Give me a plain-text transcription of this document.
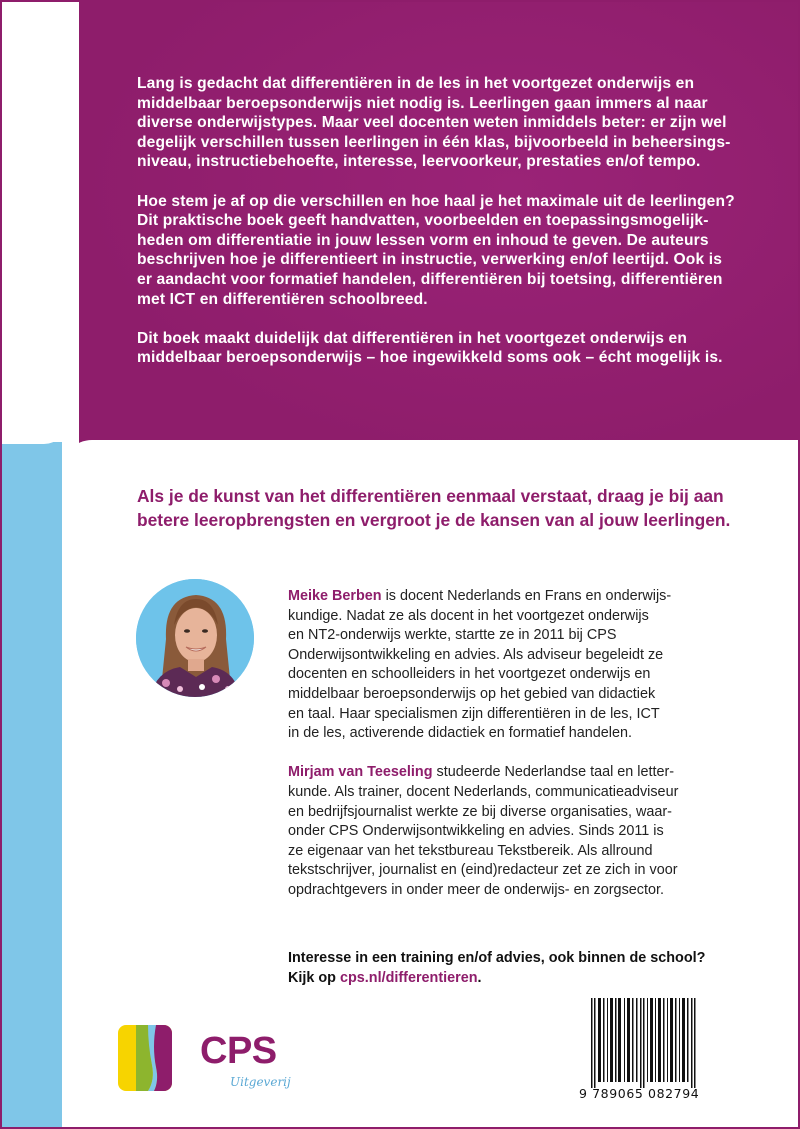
Lang is gedacht dat differentiëren in de les in het voortgezet onderwijs en
middelbaar beroepsonderwijs niet nodig is. Leerlingen gaan immers al naar
diverse onderwijstypes. Maar veel docenten weten inmiddels beter: er zijn wel
degelijk verschillen tussen leerlingen in één klas, bijvoorbeeld in beheersings-
niveau, instructiebehoefte, interesse, leervoorkeur, prestaties en/of tempo.

Hoe stem je af op die verschillen en hoe haal je het maximale uit de leerlingen?
Dit praktische boek geeft handvatten, voorbeelden en toepassingsmogelijk-
heden om differentiatie in jouw lessen vorm en inhoud te geven. De auteurs
beschrijven hoe je differentieert in instructie, verwerking en/of leertijd. Ook is
er aandacht voor formatief handelen, differentiëren bij toetsing, differentiëren
met ICT en differentiëren schoolbreed.

Dit boek maakt duidelijk dat differentiëren in het voortgezet onderwijs en
middelbaar beroepsonderwijs – hoe ingewikkeld soms ook – écht mogelijk is.

Als je de kunst van het differentiëren eenmaal verstaat, draag je bij aan
betere leeropbrengsten en vergroot je de kansen van al jouw leerlingen.

Meike Berben is docent Nederlands en Frans en onderwijs-
kundige. Nadat ze als docent in het voortgezet onderwijs
en NT2-onderwijs werkte, startte ze in 2011 bij CPS
Onderwijsontwikkeling en advies. Als adviseur begeleidt ze
docenten en schoolleiders in het voortgezet onderwijs en
middelbaar beroepsonderwijs op het gebied van didactiek
en taal. Haar specialismen zijn differentiëren in de les, ICT
in de les, activerende didactiek en formatief handelen.

Mirjam van Teeseling studeerde Nederlandse taal en letter-
kunde. Als trainer, docent Nederlands, communicatieadviseur
en bedrijfsjournalist werkte ze bij diverse organisaties, waar-
onder CPS Onderwijsontwikkeling en advies. Sinds 2011 is
ze eigenaar van het tekstbureau Tekstbereik. Als allround
tekstschrijver, journalist en (eind)redacteur zet ze zich in voor
opdrachtgevers in onder meer de onderwijs- en zorgsector.

Interesse in een training en/of advies, ook binnen de school?
Kijk op cps.nl/differentieren.
CPS
Uitgeverij
9 789065 082794
